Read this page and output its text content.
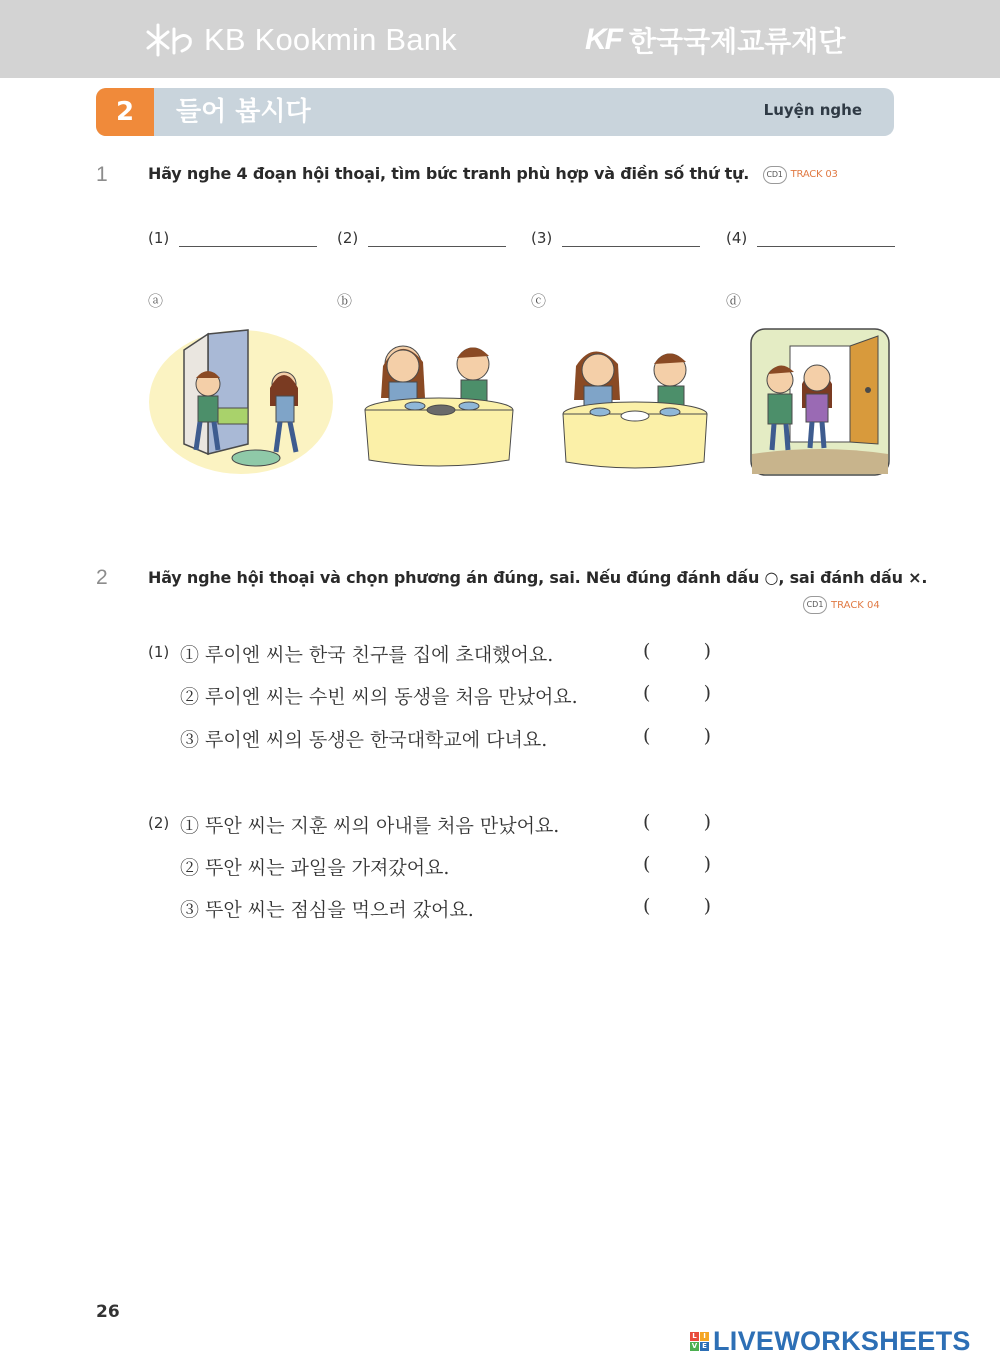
KB Kookmin Bank	KF 한국국제교류재단
2	들어 봅시다	Luyện nghe
1	Hãy nghe 4 đoạn hội thoại, tìm bức tranh phù hợp và điền số thứ tự.	CD1 TRACK 03
(1)	(2)	(3)	(4)
ⓐ	ⓑ	ⓒ	ⓓ
2	Hãy nghe hội thoại và chọn phương án đúng, sai. Nếu đúng đánh dấu ○, sai đánh dấu ×.
CD1 TRACK 04
(1) ① 루이엔 씨는 한국 친구를 집에 초대했어요.	(	)
② 루이엔 씨는 수빈 씨의 동생을 처음 만났어요.	(	)
③ 루이엔 씨의 동생은 한국대학교에 다녀요.	(	)
(2) ① 뚜안 씨는 지훈 씨의 아내를 처음 만났어요.	(	)
② 뚜안 씨는 과일을 가져갔어요.	(	)
③ 뚜안 씨는 점심을 먹으러 갔어요.	(	)
26
L I
V E LIVEWORKSHEETS
